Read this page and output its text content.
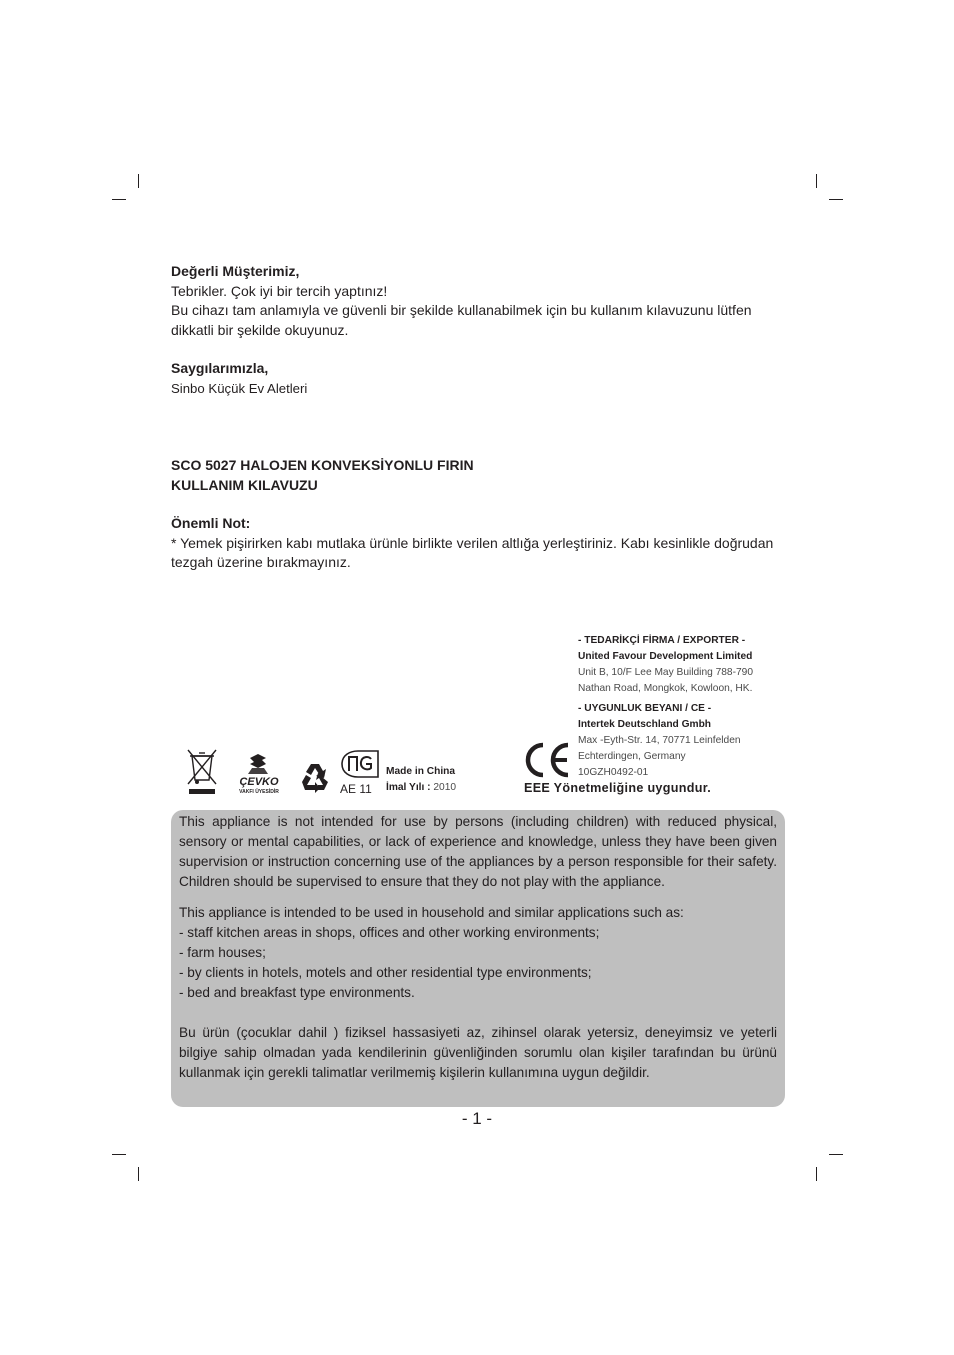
Değerli Müşterimiz,

Tebrikler. Çok iyi bir tercih yaptınız!

Bu cihazı tam anlamıyla ve güvenli bir şekilde kullanabilmek için bu kullanım kılavuzunu lütfen dikkatli bir şekilde okuyunuz.

Saygılarımızla,

Sinbo Küçük Ev Aletleri

SCO 5027 HALOJEN KONVEKSİYONLU FIRIN

KULLANIM KILAVUZU

Önemli Not:

* Yemek pişirirken kabı mutlaka ürünle birlikte verilen altlığa yerleştiriniz. Kabı kesinlikle doğrudan tezgah üzerine bırakmayınız.

- TEDARİKÇİ FİRMA / EXPORTER -

United Favour Development Limited

Unit B, 10/F Lee May Building 788-790

Nathan Road, Mongkok, Kowloon, HK.

- UYGUNLUK BEYANI / CE -

Intertek Deutschland Gmbh

Max -Eyth-Str. 14, 70771 Leinfelden

Echterdingen, Germany

10GZH0492-01

ÇEVKO
VAKFI ÜYESİDİR	AE 11
Made in China
İmal Yılı : 2010	EEE Yönetmeliğine uygundur.

This appliance is not intended for use by persons (including children) with reduced physical, sensory or mental capabilities, or lack of experience and knowledge, unless they have been given supervision or instruction concerning use of the appliances by a person responsible for their safety. Children should be supervised to ensure that they do not play with the appliance.

This appliance is intended to be used in household and similar applications such as:

- staff kitchen areas in shops, offices and other working environments;

- farm houses;

- by clients in hotels, motels and other residential type environments;

- bed and breakfast type environments.

Bu ürün (çocuklar dahil ) fiziksel hassasiyeti az, zihinsel olarak yetersiz, deneyimsiz ve yeterli bilgiye sahip olmadan yada kendilerinin güvenliğinden sorumlu olan kişiler tarafından bu ürünü kullanmak için gerekli talimatlar verilmemiş kişilerin kullanımına uygun değildir.

- 1 -
